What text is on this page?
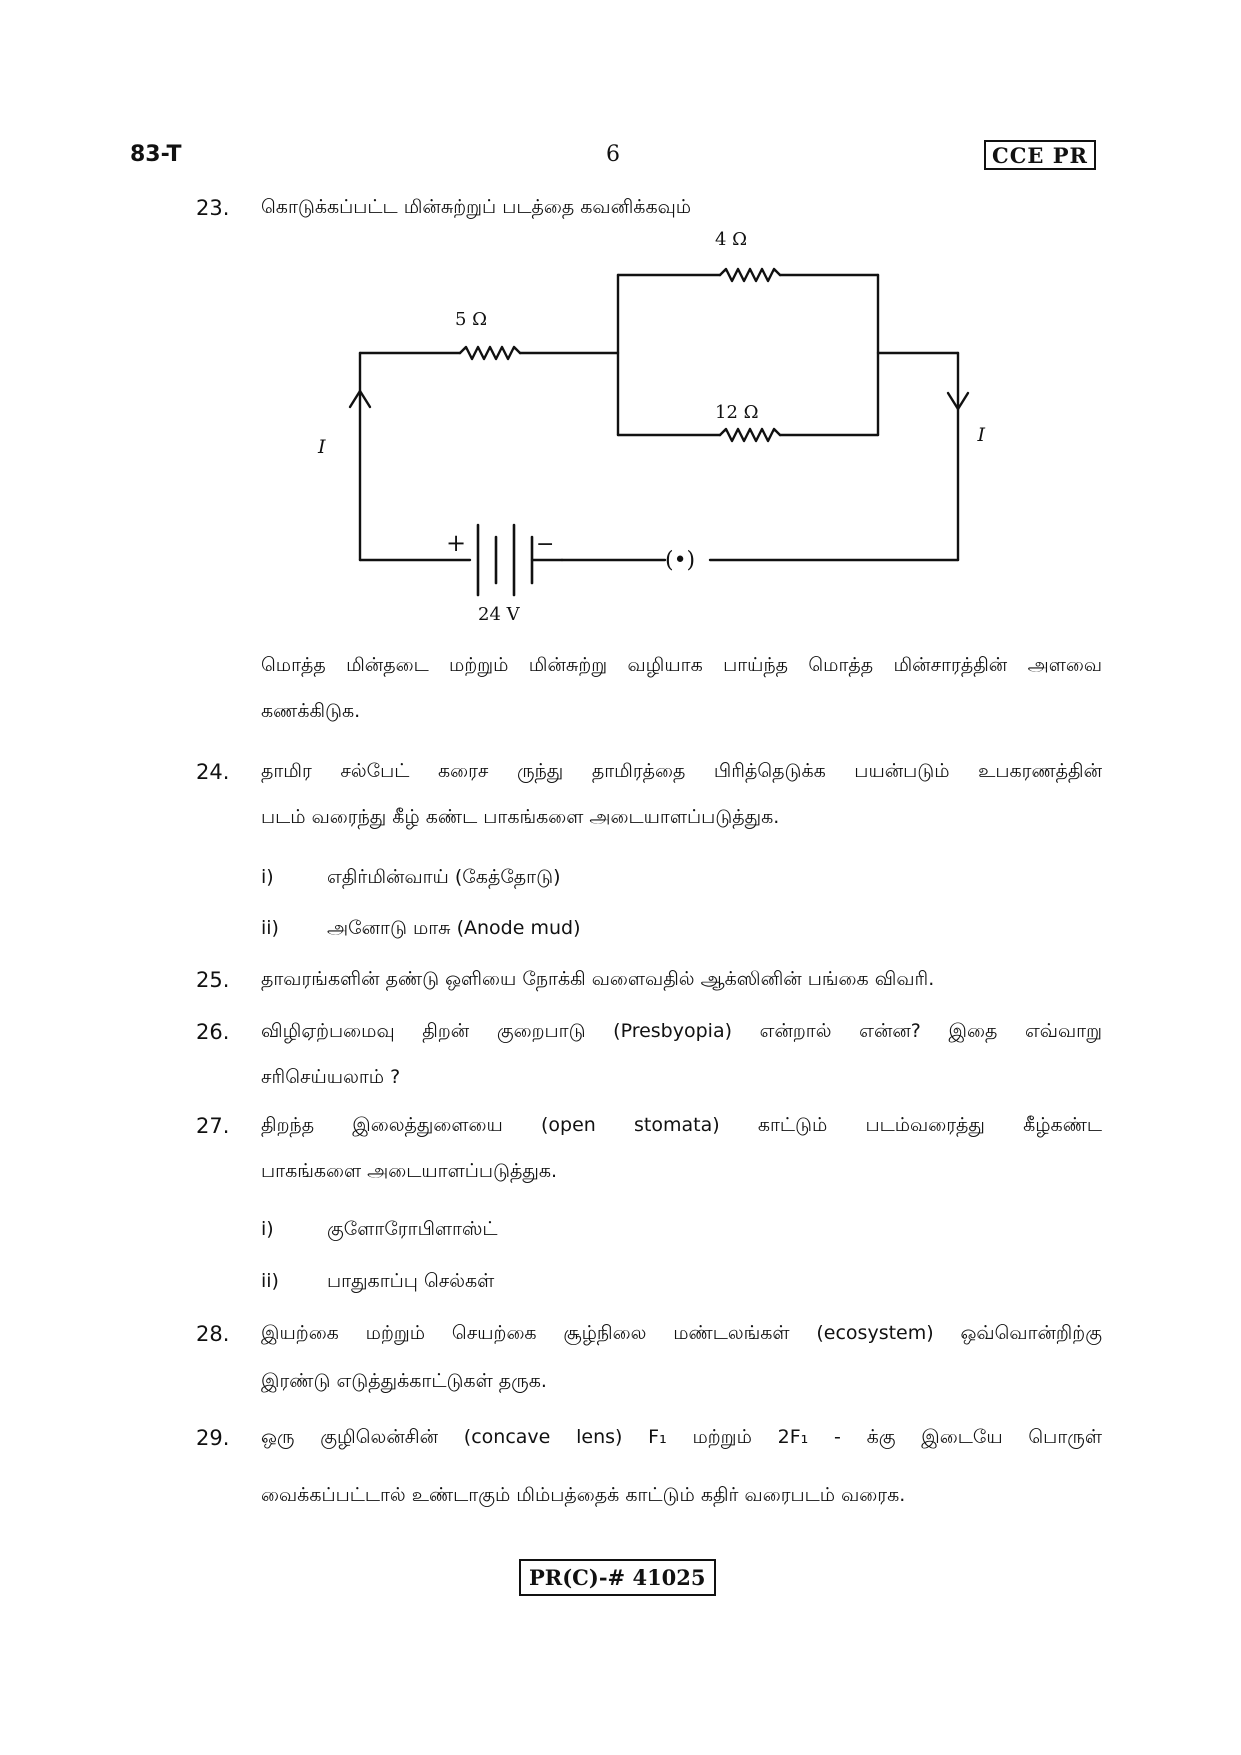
83-T	6	CCE PR
23. கொடுக்கப்பட்ட மின்சுற்றுப் படத்தை கவனிக்கவும்
4 Ω
5 Ω
12 Ω
I
I
+	−
(•)
24 V
மொத்த மின்தடை மற்றும் மின்சுற்று வழியாக பாய்ந்த மொத்த மின்சாரத்தின் அளவை
கணக்கிடுக.
24. தாமிர சல்பேட் கரைச ருந்து தாமிரத்தை பிரித்தெடுக்க பயன்படும் உபகரணத்தின்
படம் வரைந்து கீழ் கண்ட பாகங்களை அடையாளப்படுத்துக.
i)	எதிர்மின்வாய் (கேத்தோடு)
ii)	அனோடு மாசு (Anode mud)
25. தாவரங்களின் தண்டு ஒளியை நோக்கி வளைவதில் ஆக்ஸினின் பங்கை விவரி.
26. விழிஏற்பமைவு திறன் குறைபாடு (Presbyopia) என்றால் என்ன? இதை எவ்வாறு
சரிசெய்யலாம் ?
27. திறந்த இலைத்துளையை (open stomata) காட்டும் படம்வரைத்து கீழ்கண்ட
பாகங்களை அடையாளப்படுத்துக.
i)	குளோரோபிளாஸ்ட்
ii)	பாதுகாப்பு செல்கள்
28. இயற்கை மற்றும் செயற்கை சூழ்நிலை மண்டலங்கள் (ecosystem) ஒவ்வொன்றிற்கு
இரண்டு எடுத்துக்காட்டுகள் தருக.
29. ஒரு குழிலென்சின் (concave lens) F₁ மற்றும் 2F₁ - க்கு இடையே பொருள்
வைக்கப்பட்டால் உண்டாகும் மிம்பத்தைக் காட்டும் கதிர் வரைபடம் வரைக.
PR(C)-# 41025
